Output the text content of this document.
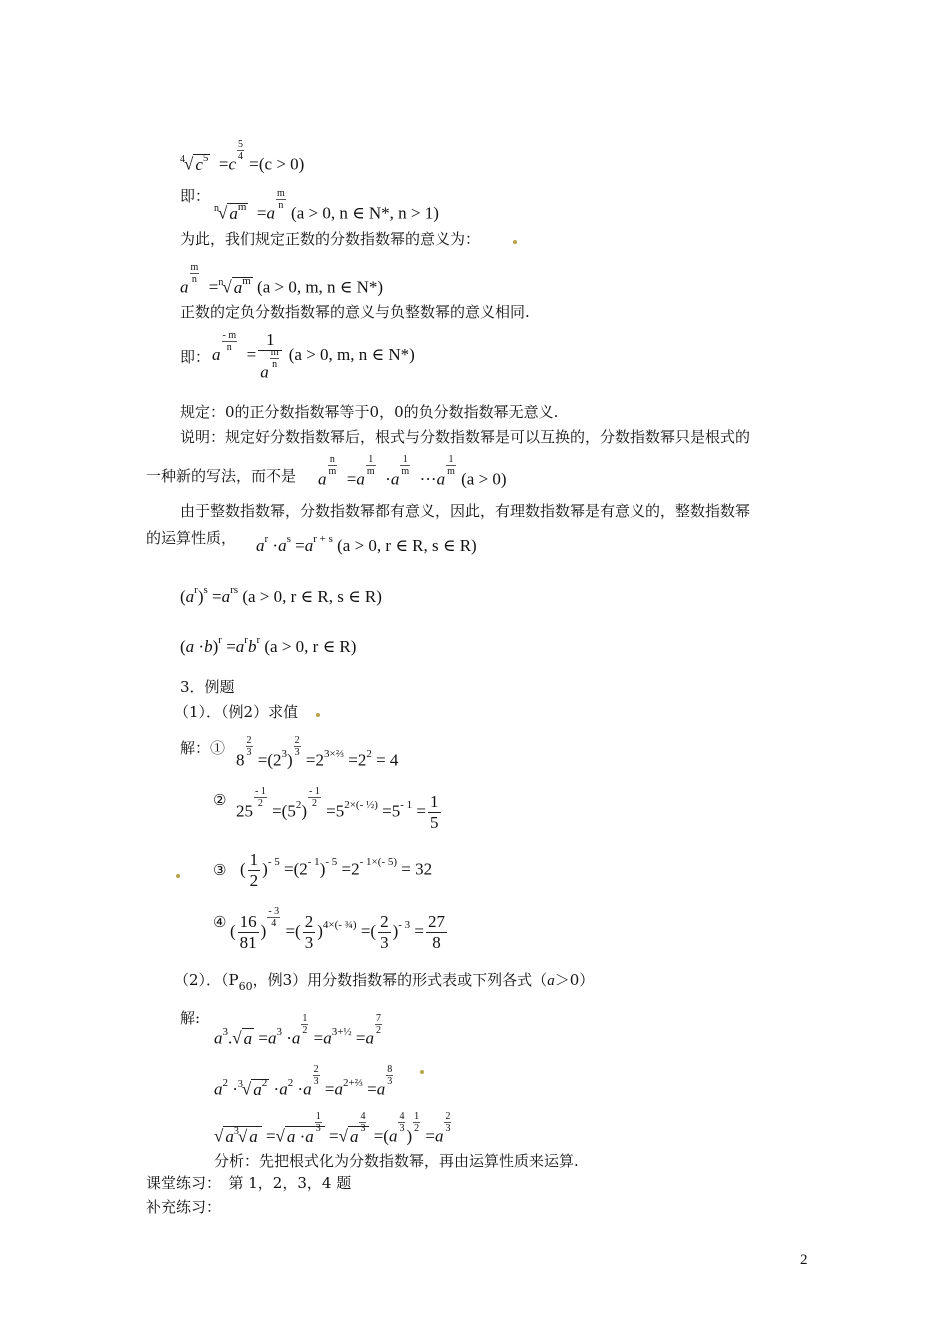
$^4$√ $c^5 =c$
$\frac{5}{4}$
=(c > 0)
即：
$^n$√ $a^m =a$
$\frac{m}{n}$
(a > 0, n ∈ N*, n > 1)
为此，我们规定正数的分数指数幂的意义为：
a
$\frac{m}{n}$
=$^n$√ $a^m$ (a > 0, m, n ∈ N*)
正数的定负分数指数幂的意义与负整数幂的意义相同.
即： a
$\frac{- m}{n}$
= 1
a
$\frac{m}{n} (a > 0$, m, n ∈ N*)
规定：0的正分数指数幂等于0，0的负分数指数幂无意义.
说明：规定好分数指数幂后，根式与分数指数幂是可以互换的，分数指数幂只是根式的
一种新的写法，而不是 a
$\frac{n}{m}$
=a
$\frac{1}{m}$
·a
$\frac{1}{m}$
···a
$\frac{1}{m}$
(a > 0)
由于整数指数幂，分数指数幂都有意义，因此，有理数指数幂是有意义的，整数指数幂
的运算性质， $a^r \cdot a^s =a^{r + s}$ (a > 0, r ∈ R, s ∈ R)
$(a^r)^s =a^{rs}$ (a > 0, r ∈ R, s ∈ R)
$(a \cdot b)^r =a^rb^r$ (a > 0, r ∈ R)
3．例题
（1）．（例2）求值
解：①
8
$\frac{2}{3}$
$=(2^3)$
$\frac{2}{3}$
$=2^{3\times\frac{2}{3}} =2^2 = 4$
②
25
$\frac{- 1}{2}$
$=(5^2)$
$\frac{- 1}{2}$
$=5^{2\times(- \frac{1}{2})} =5^{- 1} = \frac{1}{5}$
③ ( $\frac{1}{2} )^{- 5} =(2^{- 1})^{- 5} =2^{- 1\times(- 5)} = 32$
④ ( $\frac{16}{81}$ )
$\frac{- 3}{4}$
=( $\frac{2}{3} )^{4\times(- \frac{3}{4})}$ =( $\frac{2}{3} )^{- 3} = \frac{27}{8}$
（2）．（$P_{60}$，例3）用分数指数幂的形式表或下列各式（a＞0）
解:
$a^3.√$ $a =a^3 \cdot a$
$\frac{1}{2}$
$=a^{3+\frac{1}{2}} =a$
$\frac{7}{2}$
$a^2 \cdot^3√$ $a^2 \cdot a^2 \cdot a$
$\frac{2}{3}$
$=a^{2+\frac{2}{3}} =a$
$\frac{8}{3}$
√ $a^3√$ a =√ a ·a
$\frac{1}{3}$
=√ a
$\frac{4}{3}$
=(a
$\frac{4}{3}$
)
$\frac{1}{2}$
=a
$\frac{2}{3}$
分析：先把根式化为分数指数幂，再由运算性质来运算.
课堂练习：　第 1，2，3，4 题
补充练习：
2
